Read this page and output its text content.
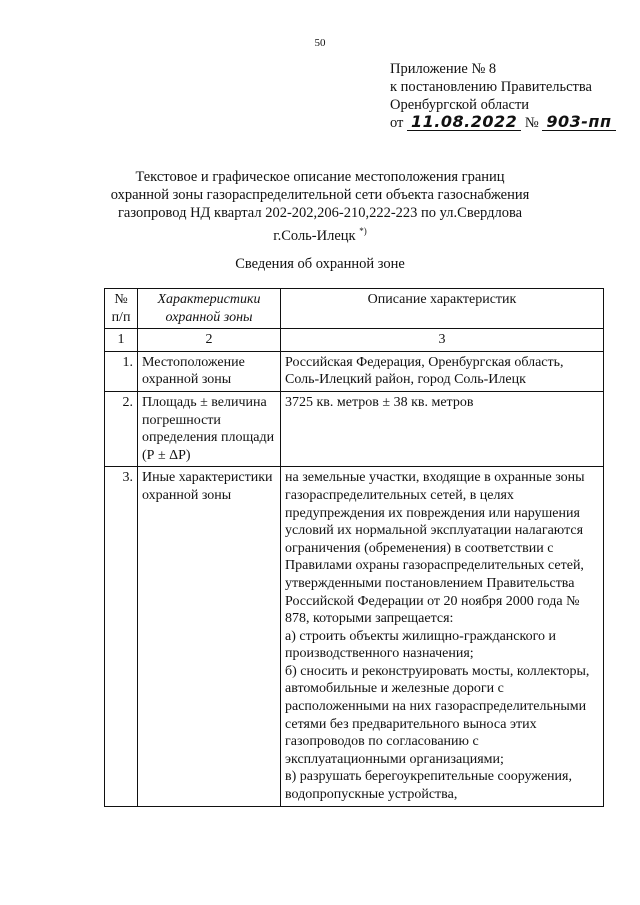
50
Приложение № 8
к постановлению Правительства
Оренбургской области
от 11.08.2022 № 903-пп
Текстовое и графическое описание местоположения границ
охранной зоны газораспределительной сети объекта газоснабжения
газопровод НД квартал 202-202,206-210,222-223 по ул.Свердлова
г.Соль-Илецк *)
Сведения об охранной зоне
№ п/п	Характеристики охранной зоны	Описание характеристик
1	2	3
1.	Местоположение охранной зоны	Российская Федерация, Оренбургская область, Соль-Илецкий район, город Соль-Илецк
2.	Площадь ± величина погрешности определения площади (Р ± ΔР)	3725 кв. метров ± 38 кв. метров
3.	Иные характеристики охранной зоны	на земельные участки, входящие в охранные зоны газораспределительных сетей, в целях предупреждения их повреждения или нарушения условий их нормальной эксплуатации налагаются ограничения (обременения) в соответствии с Правилами охраны газораспределительных сетей, утвержденными постановлением Правительства Российской Федерации от 20 ноября 2000 года № 878, которыми запрещается:
а) строить объекты жилищно-гражданского и производственного назначения;
б) сносить и реконструировать мосты, коллекторы, автомобильные и железные дороги с расположенными на них газораспределительными сетями без предварительного выноса этих газопроводов по согласованию с эксплуатационными организациями;
в) разрушать берегоукрепительные сооружения, водопропускные устройства,
